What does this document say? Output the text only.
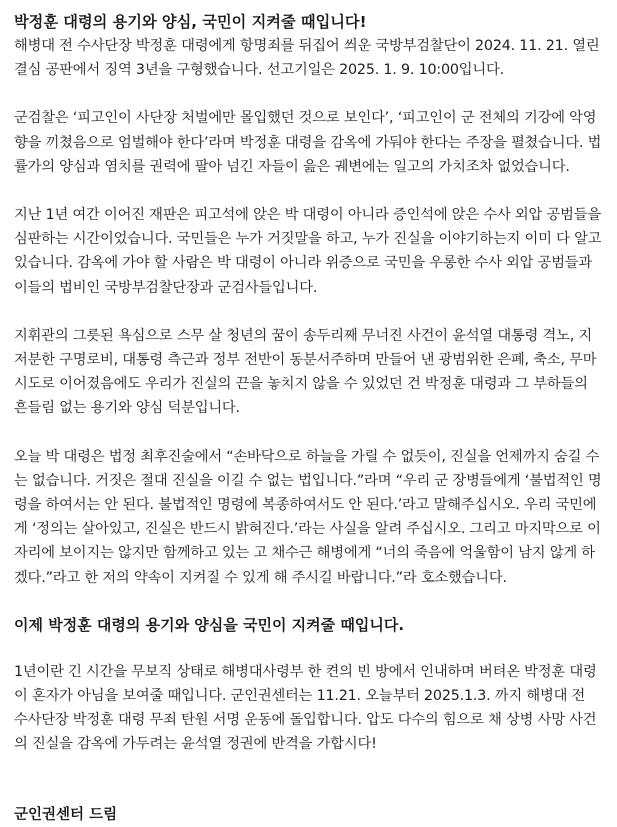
박정훈 대령의 용기와 양심, 국민이 지켜줄 때입니다!

해병대 전 수사단장 박정훈 대령에게 항명죄를 뒤집어 씌운 국방부검찰단이 2024. 11. 21. 열린 결심 공판에서 징역 3년을 구형했습니다. 선고기일은 2025. 1. 9. 10:00입니다.

군검찰은 ‘피고인이 사단장 처벌에만 몰입했던 것으로 보인다’, ‘피고인이 군 전체의 기강에 악영향을 끼쳤음으로 엄벌해야 한다’라며 박정훈 대령을 감옥에 가둬야 한다는 주장을 펼쳤습니다. 법률가의 양심과 염치를 권력에 팔아 넘긴 자들이 읊은 궤변에는 일고의 가치조차 없었습니다.

지난 1년 여간 이어진 재판은 피고석에 앉은 박 대령이 아니라 증인석에 앉은 수사 외압 공범들을 심판하는 시간이었습니다. 국민들은 누가 거짓말을 하고, 누가 진실을 이야기하는지 이미 다 알고 있습니다. 감옥에 가야 할 사람은 박 대령이 아니라 위증으로 국민을 우롱한 수사 외압 공범들과 이들의 법비인 국방부검찰단장과 군검사들입니다.

지휘관의 그릇된 욕심으로 스무 살 청년의 꿈이 송두리째 무너진 사건이 윤석열 대통령 격노, 지저분한 구명로비, 대통령 측근과 정부 전반이 동분서주하며 만들어 낸 광범위한 은폐, 축소, 무마 시도로 이어졌음에도 우리가 진실의 끈을 놓치지 않을 수 있었던 건 박정훈 대령과 그 부하들의 흔들림 없는 용기와 양심 덕분입니다.

오늘 박 대령은 법정 최후진술에서 “손바닥으로 하늘을 가릴 수 없듯이, 진실을 언제까지 숨길 수는 없습니다. 거짓은 절대 진실을 이길 수 없는 법입니다.”라며 “우리 군 장병들에게 ‘불법적인 명령을 하여서는 안 된다. 불법적인 명령에 복종하여서도 안 된다.’라고 말해주십시오. 우리 국민에게 ‘정의는 살아있고, 진실은 반드시 밝혀진다.’라는 사실을 알려 주십시오. 그리고 마지막으로 이 자리에 보이지는 않지만 함께하고 있는 고 채수근 해병에게 “너의 죽음에 억울함이 남지 않게 하겠다.”라고 한 저의 약속이 지켜질 수 있게 해 주시길 바랍니다.”라 호소했습니다.

이제 박정훈 대령의 용기와 양심을 국민이 지켜줄 때입니다.

1년이란 긴 시간을 무보직 상태로 해병대사령부 한 켠의 빈 방에서 인내하며 버텨온 박정훈 대령이 혼자가 아님을 보여줄 때입니다. 군인권센터는 11.21. 오늘부터 2025.1.3. 까지 해병대 전 수사단장 박정훈 대령 무죄 탄원 서명 운동에 돌입합니다. 압도 다수의 힘으로 채 상병 사망 사건의 진실을 감옥에 가두려는 윤석열 정권에 반격을 가합시다!

군인권센터 드림
